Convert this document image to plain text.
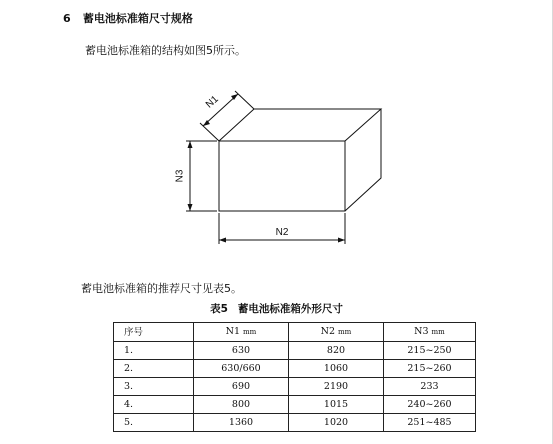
6 蓄电池标准箱尺寸规格
蓄电池标准箱的结构如图5所示。
N1
N3
N2
蓄电池标准箱的推荐尺寸见表5。
表5 蓄电池标准箱外形尺寸
序号	N1 mm	N2 mm	N3 mm
1.	630	820	215~250
2.	630/660	1060	215~260
3.	690	2190	233
4.	800	1015	240~260
5.	1360	1020	251~485
